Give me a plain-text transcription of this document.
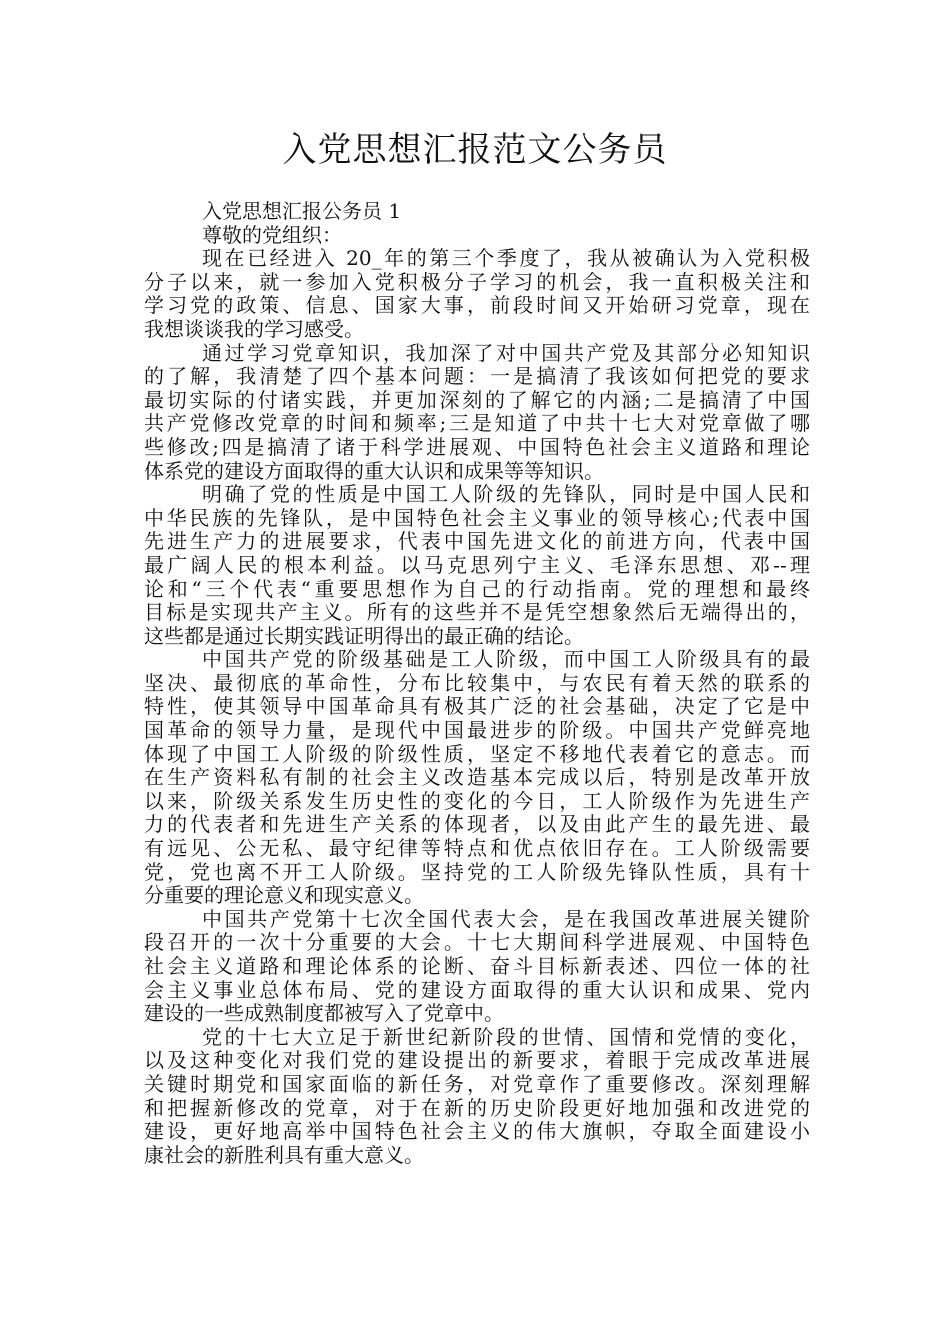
入党思想汇报范文公务员

入党思想汇报公务员 1

尊敬的党组织：

现在已经进入 20_年的第三个季度了，我从被确认为入党积极

分子以来，就一参加入党积极分子学习的机会，我一直积极关注和

学习党的政策、信息、国家大事，前段时间又开始研习党章，现在

我想谈谈我的学习感受。

通过学习党章知识，我加深了对中国共产党及其部分必知知识

的了解，我清楚了四个基本问题：一是搞清了我该如何把党的要求

最切实际的付诸实践，并更加深刻的了解它的内涵;二是搞清了中国

共产党修改党章的时间和频率;三是知道了中共十七大对党章做了哪

些修改;四是搞清了诸于科学进展观、中国特色社会主义道路和理论

体系党的建设方面取得的重大认识和成果等等知识。

明确了党的性质是中国工人阶级的先锋队，同时是中国人民和

中华民族的先锋队，是中国特色社会主义事业的领导核心;代表中国

先进生产力的进展要求，代表中国先进文化的前进方向，代表中国

最广阔人民的根本利益。以马克思列宁主义、毛泽东思想、邓--理

论和“三个代表“重要思想作为自己的行动指南。党的理想和最终

目标是实现共产主义。所有的这些并不是凭空想象然后无端得出的，

这些都是通过长期实践证明得出的最正确的结论。

中国共产党的阶级基础是工人阶级，而中国工人阶级具有的最

坚决、最彻底的革命性，分布比较集中，与农民有着天然的联系的

特性，使其领导中国革命具有极其广泛的社会基础，决定了它是中

国革命的领导力量，是现代中国最进步的阶级。中国共产党鲜亮地

体现了中国工人阶级的阶级性质，坚定不移地代表着它的意志。而

在生产资料私有制的社会主义改造基本完成以后，特别是改革开放

以来，阶级关系发生历史性的变化的今日，工人阶级作为先进生产

力的代表者和先进生产关系的体现者，以及由此产生的最先进、最

有远见、公无私、最守纪律等特点和优点依旧存在。工人阶级需要

党，党也离不开工人阶级。坚持党的工人阶级先锋队性质，具有十

分重要的理论意义和现实意义。

中国共产党第十七次全国代表大会，是在我国改革进展关键阶

段召开的一次十分重要的大会。十七大期间科学进展观、中国特色

社会主义道路和理论体系的论断、奋斗目标新表述、四位一体的社

会主义事业总体布局、党的建设方面取得的重大认识和成果、党内

建设的一些成熟制度都被写入了党章中。

党的十七大立足于新世纪新阶段的世情、国情和党情的变化，

以及这种变化对我们党的建设提出的新要求，着眼于完成改革进展

关键时期党和国家面临的新任务，对党章作了重要修改。深刻理解

和把握新修改的党章，对于在新的历史阶段更好地加强和改进党的

建设，更好地高举中国特色社会主义的伟大旗帜，夺取全面建设小

康社会的新胜利具有重大意义。
